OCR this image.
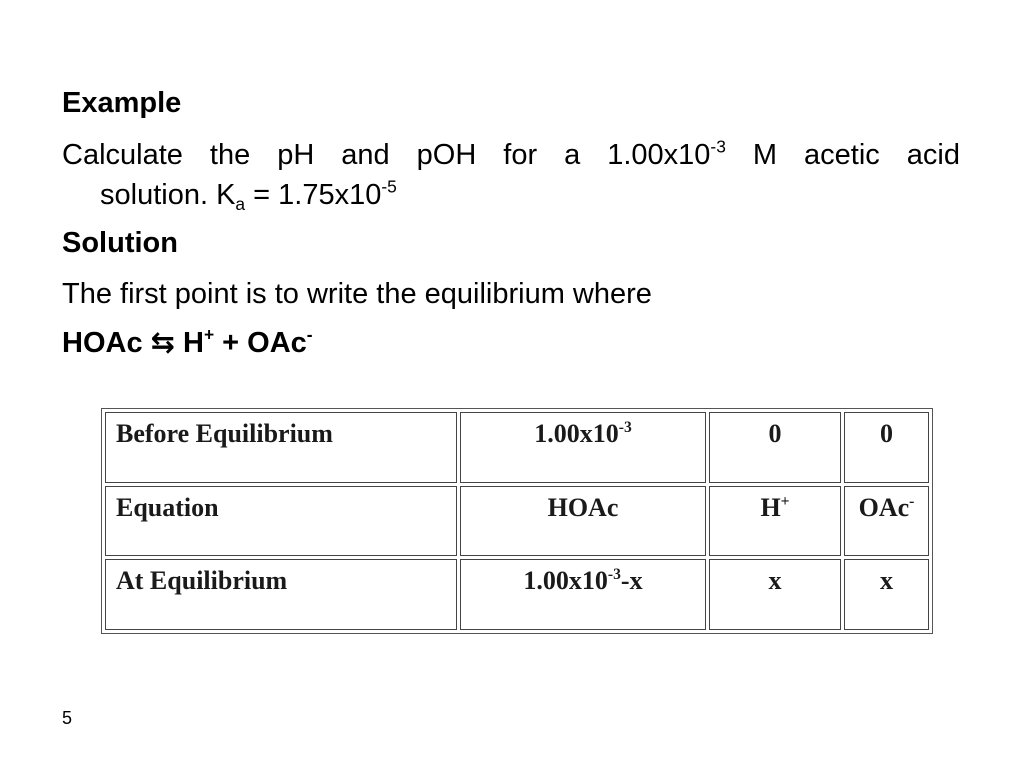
Example
Calculate the pH and pOH for a $1.00x10^{-3}$ M acetic acid
solution. $K_a = 1.75x10^{-5}$
Solution
The first point is to write the equilibrium where
HOAc ⇆ H+ + OAc-
Before Equilibrium	$1.00x10^{-3}$	0	0
Equation	HOAc	H+	OAc-
At Equilibrium	$1.00x10^{-3}-x$	x	x
5
